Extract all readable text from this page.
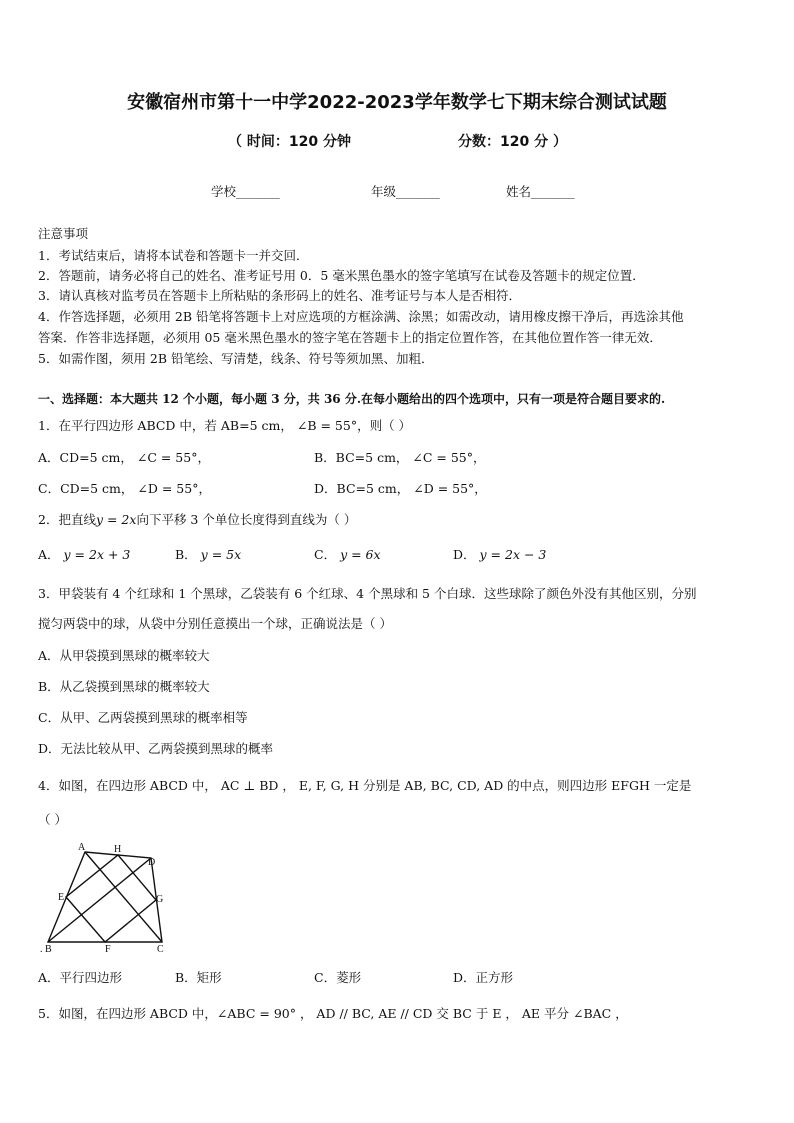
安徽宿州市第十一中学2022-2023学年数学七下期末综合测试试题
（ 时间：120 分钟	分数：120 分 ）
学校_______	年级_______	姓名_______
注意事项
1．考试结束后，请将本试卷和答题卡一并交回．
2．答题前，请务必将自己的姓名、准考证号用 0．5 毫米黑色墨水的签字笔填写在试卷及答题卡的规定位置．
3．请认真核对监考员在答题卡上所粘贴的条形码上的姓名、准考证号与本人是否相符．
4．作答选择题，必须用 2B 铅笔将答题卡上对应选项的方框涂满、涂黑；如需改动，请用橡皮擦干净后，再选涂其他
答案．作答非选择题，必须用 05 毫米黑色墨水的签字笔在答题卡上的指定位置作答，在其他位置作答一律无效．
5．如需作图，须用 2B 铅笔绘、写清楚，线条、符号等须加黑、加粗．
一、选择题：本大题共 12 个小题，每小题 3 分，共 36 分.在每小题给出的四个选项中，只有一项是符合题目要求的.
1．在平行四边形 ABCD 中，若 AB=5 cm， ∠B = 55°，则（ ）
A．CD=5 cm， ∠C = 55°，	B．BC=5 cm， ∠C = 55°，
C．CD=5 cm， ∠D = 55°，	D．BC=5 cm， ∠D = 55°，
2．把直线y = 2x向下平移 3 个单位长度得到直线为（ ）
A． y = 2x + 3	B． y = 5x	C． y = 6x	D． y = 2x − 3
3．甲袋装有 4 个红球和 1 个黑球，乙袋装有 6 个红球、4 个黑球和 5 个白球．这些球除了颜色外没有其他区别，分别
搅匀两袋中的球，从袋中分别任意摸出一个球，正确说法是（ ）
A．从甲袋摸到黑球的概率较大
B．从乙袋摸到黑球的概率较大
C．从甲、乙两袋摸到黑球的概率相等
D．无法比较从甲、乙两袋摸到黑球的概率
4．如图，在四边形 ABCD 中， AC ⊥ BD ， E, F, G, H 分别是 AB, BC, CD, AD 的中点，则四边形 EFGH 一定是
（ ）
A	H
D
E	G
. B	F	C
A．平行四边形	B．矩形	C．菱形	D．正方形
5．如图，在四边形 ABCD 中，∠ABC = 90° ， AD // BC, AE // CD 交 BC 于 E ， AE 平分 ∠BAC ，
